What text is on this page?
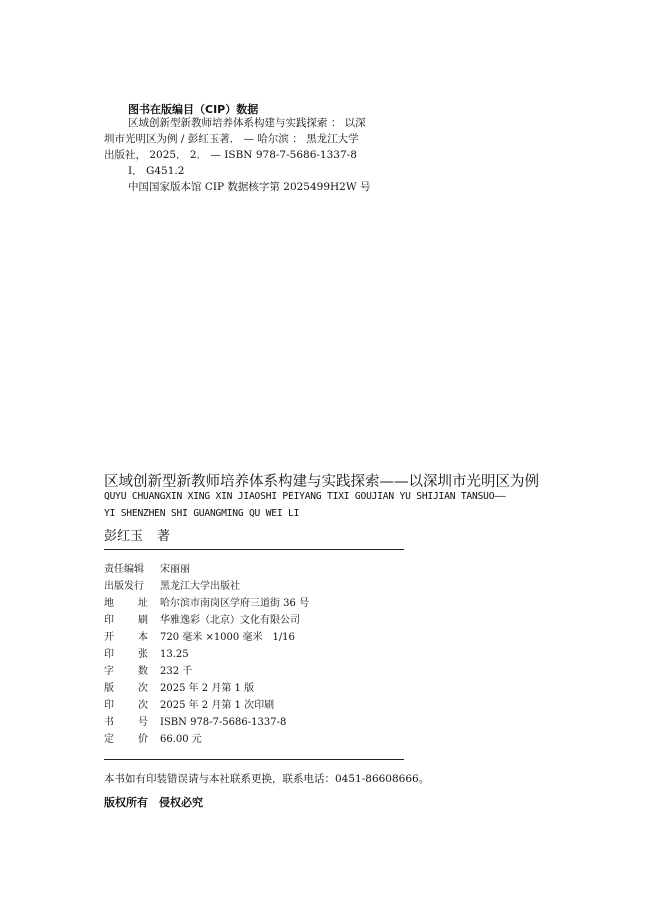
图书在版编目（CIP）数据
区域创新型新教师培养体系构建与实践探索 ： 以深
圳市光明区为例 / 彭红玉著． — 哈尔滨 ： 黑龙江大学
出版社， 2025． 2． — ISBN 978-7-5686-1337-8
Ⅰ． G451.2
中国国家版本馆 CIP 数据核字第 2025499H2W 号
区域创新型新教师培养体系构建与实践探索——以深圳市光明区为例
QUYU CHUANGXIN XING XIN JIAOSHI PEIYANG TIXI GOUJIAN YU SHIJIAN TANSUO——
YI SHENZHEN SHI GUANGMING QU WEI LI
彭红玉 著
责任编辑	宋丽丽
出版发行	黑龙江大学出版社
地 址 哈尔滨市南岗区学府三道街 36 号
印 刷 华雅逸彩（北京）文化有限公司
开 本 720 毫米 ×1000 毫米　1/16
印 张 13.25
字 数 232 千
版 次 2025 年 2 月第 1 版
印 次 2025 年 2 月第 1 次印刷
书 号 ISBN 978-7-5686-1337-8
定 价 66.00 元
本书如有印装错误请与本社联系更换，联系电话：0451-86608666。
版权所有　侵权必究
